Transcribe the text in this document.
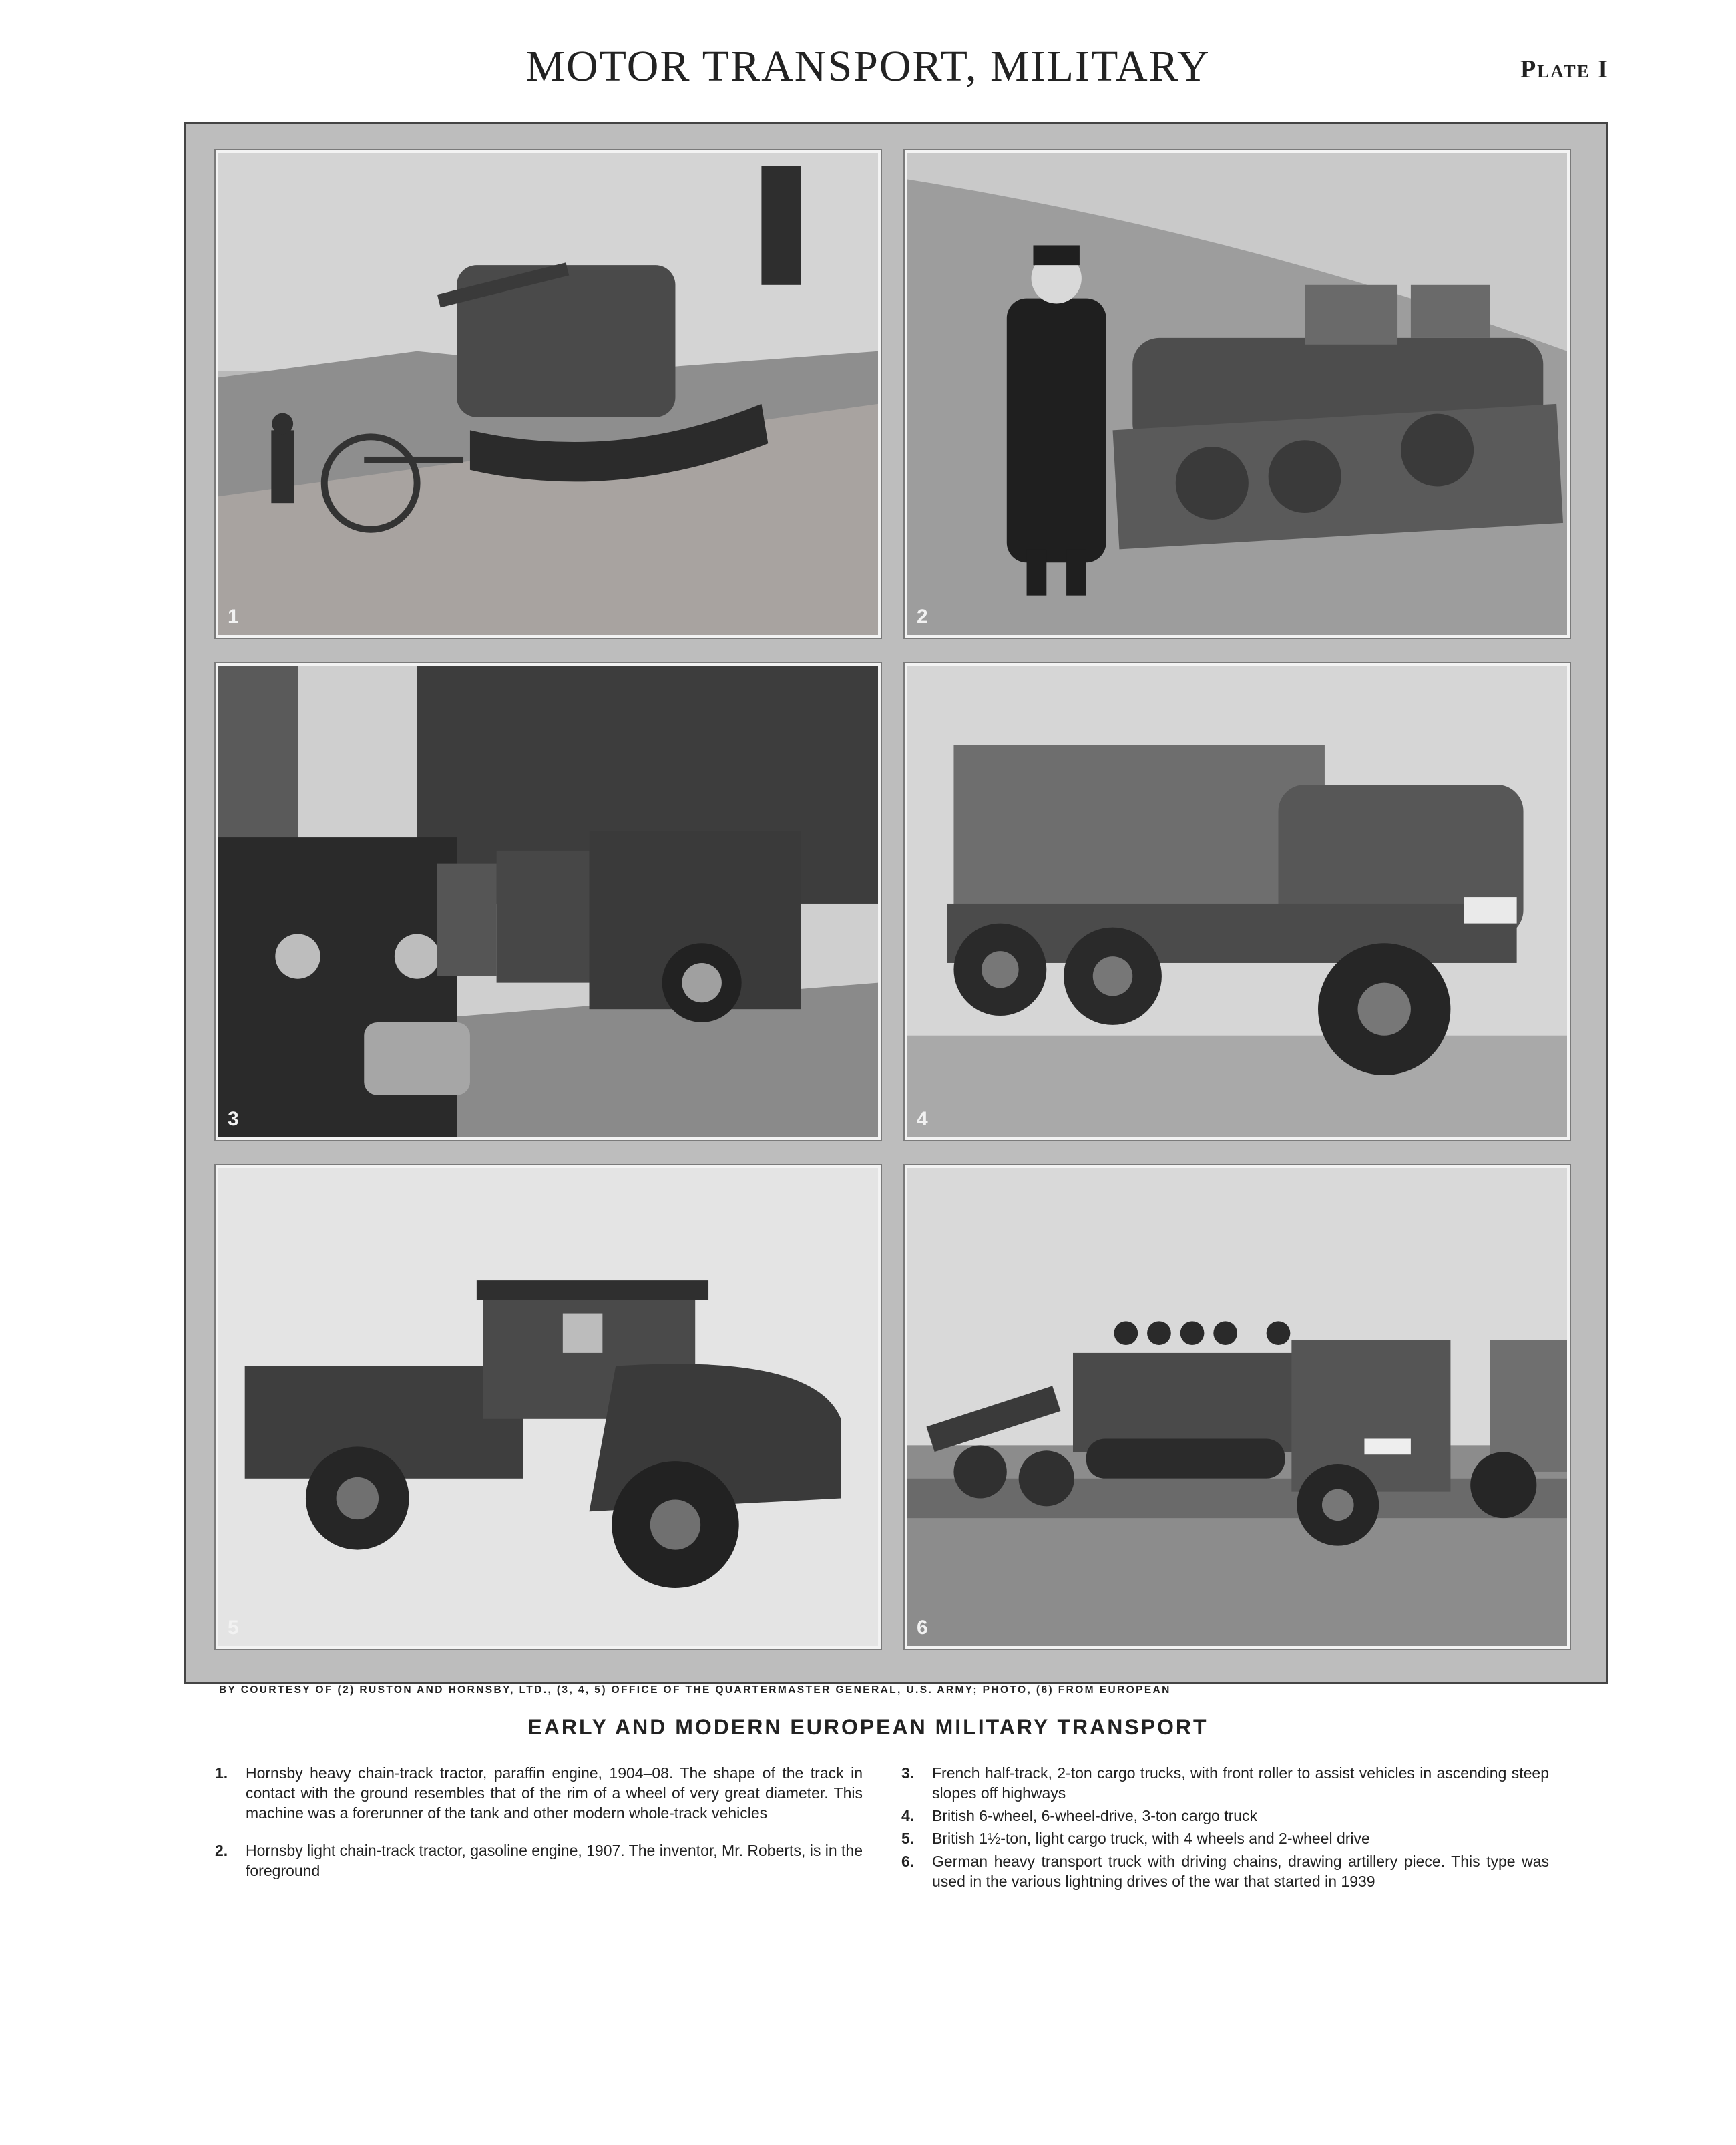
MOTOR TRANSPORT, MILITARY	Plate I
1	2
3	4
5	6
BY COURTESY OF (2) RUSTON AND HORNSBY, LTD., (3, 4, 5) OFFICE OF THE QUARTERMASTER GENERAL, U.S. ARMY; PHOTO, (6) FROM EUROPEAN
EARLY AND MODERN EUROPEAN MILITARY TRANSPORT
1.	Hornsby heavy chain-track tractor, paraffin engine, 1904–08. The shape of the track in contact with the ground resembles that of the rim of a wheel of very great diameter. This machine was a forerunner of the tank and other modern whole-track vehicles
2.	Hornsby light chain-track tractor, gasoline engine, 1907. The inventor, Mr. Roberts, is in the foreground
3.	French half-track, 2-ton cargo trucks, with front roller to assist vehicles in ascending steep slopes off highways
4.	British 6-wheel, 6-wheel-drive, 3-ton cargo truck
5.	British 1½-ton, light cargo truck, with 4 wheels and 2-wheel drive
6.	German heavy transport truck with driving chains, drawing artillery piece. This type was used in the various lightning drives of the war that started in 1939
